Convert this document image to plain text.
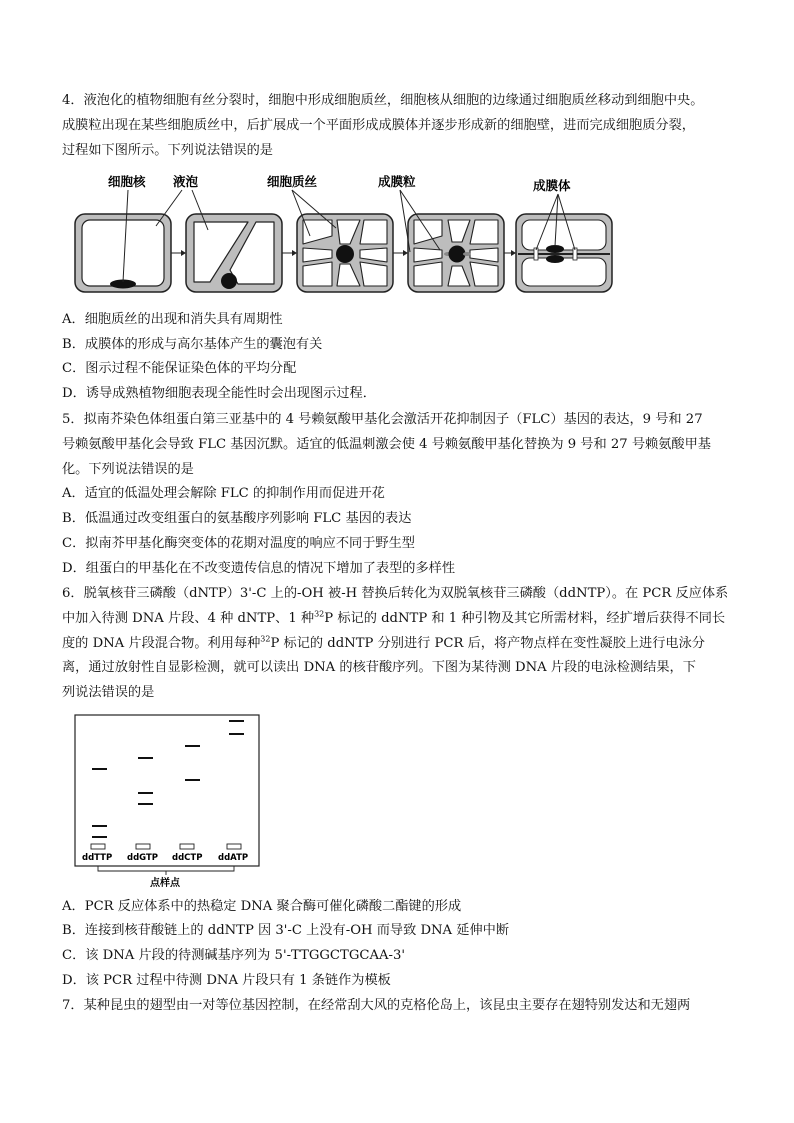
4．液泡化的植物细胞有丝分裂时，细胞中形成细胞质丝，细胞核从细胞的边缘通过细胞质丝移动到细胞中央。
成膜粒出现在某些细胞质丝中，后扩展成一个平面形成成膜体并逐步形成新的细胞壁，进而完成细胞质分裂，
过程如下图所示。下列说法错误的是
细胞核 液泡	细胞质丝	成膜粒	成膜体
A．细胞质丝的出现和消失具有周期性
B．成膜体的形成与高尔基体产生的囊泡有关
C．图示过程不能保证染色体的平均分配
D．诱导成熟植物细胞表现全能性时会出现图示过程．
5．拟南芥染色体组蛋白第三亚基中的 4 号赖氨酸甲基化会激活开花抑制因子（FLC）基因的表达，9 号和 27
号赖氨酸甲基化会导致 FLC 基因沉默。适宜的低温刺激会使 4 号赖氨酸甲基化替换为 9 号和 27 号赖氨酸甲基
化。下列说法错误的是
A．适宜的低温处理会解除 FLC 的抑制作用而促进开花
B．低温通过改变组蛋白的氨基酸序列影响 FLC 基因的表达
C．拟南芥甲基化酶突变体的花期对温度的响应不同于野生型
D．组蛋白的甲基化在不改变遗传信息的情况下增加了表型的多样性
6．脱氧核苷三磷酸（dNTP）3'-C 上的-OH 被-H 替换后转化为双脱氧核苷三磷酸（ddNTP）。在 PCR 反应体系
中加入待测 DNA 片段、4 种 dNTP、1 种$^{32}$P 标记的 ddNTP 和 1 种引物及其它所需材料，经扩增后获得不同长
度的 DNA 片段混合物。利用每种$^{32}$P 标记的 ddNTP 分别进行 PCR 后，将产物点样在变性凝胶上进行电泳分
离，通过放射性自显影检测，就可以读出 DNA 的核苷酸序列。下图为某待测 DNA 片段的电泳检测结果，下
列说法错误的是
ddTTP ddGTP ddCTP ddATP
点样点
A．PCR 反应体系中的热稳定 DNA 聚合酶可催化磷酸二酯键的形成
B．连接到核苷酸链上的 ddNTP 因 3'-C 上没有-OH 而导致 DNA 延伸中断
C．该 DNA 片段的待测碱基序列为 5'-TTGGCTGCAA-3'
D．该 PCR 过程中待测 DNA 片段只有 1 条链作为模板
7．某种昆虫的翅型由一对等位基因控制，在经常刮大风的克格伦岛上，该昆虫主要存在翅特别发达和无翅两
